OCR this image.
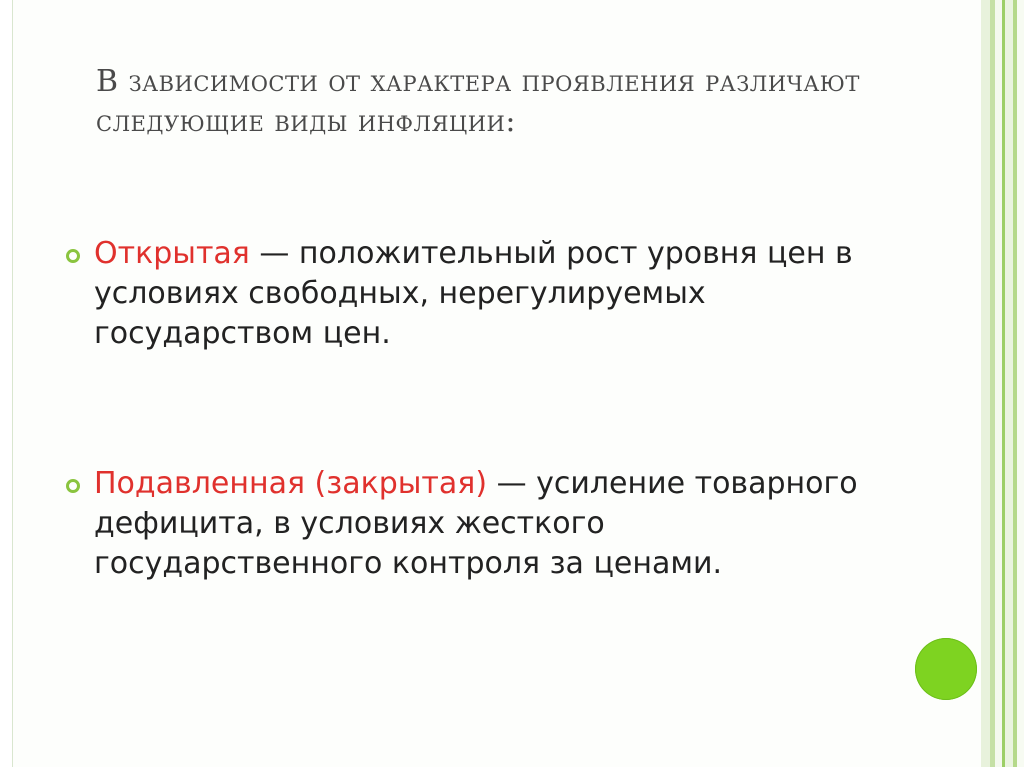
В зависимости от характера проявления различают следующие виды инфляции:
Открытая — положительный рост уровня цен в условиях свободных, нерегулируемых государством цен.
Подавленная (закрытая) — усиление товарного дефицита, в условиях жесткого государственного контроля за ценами.
